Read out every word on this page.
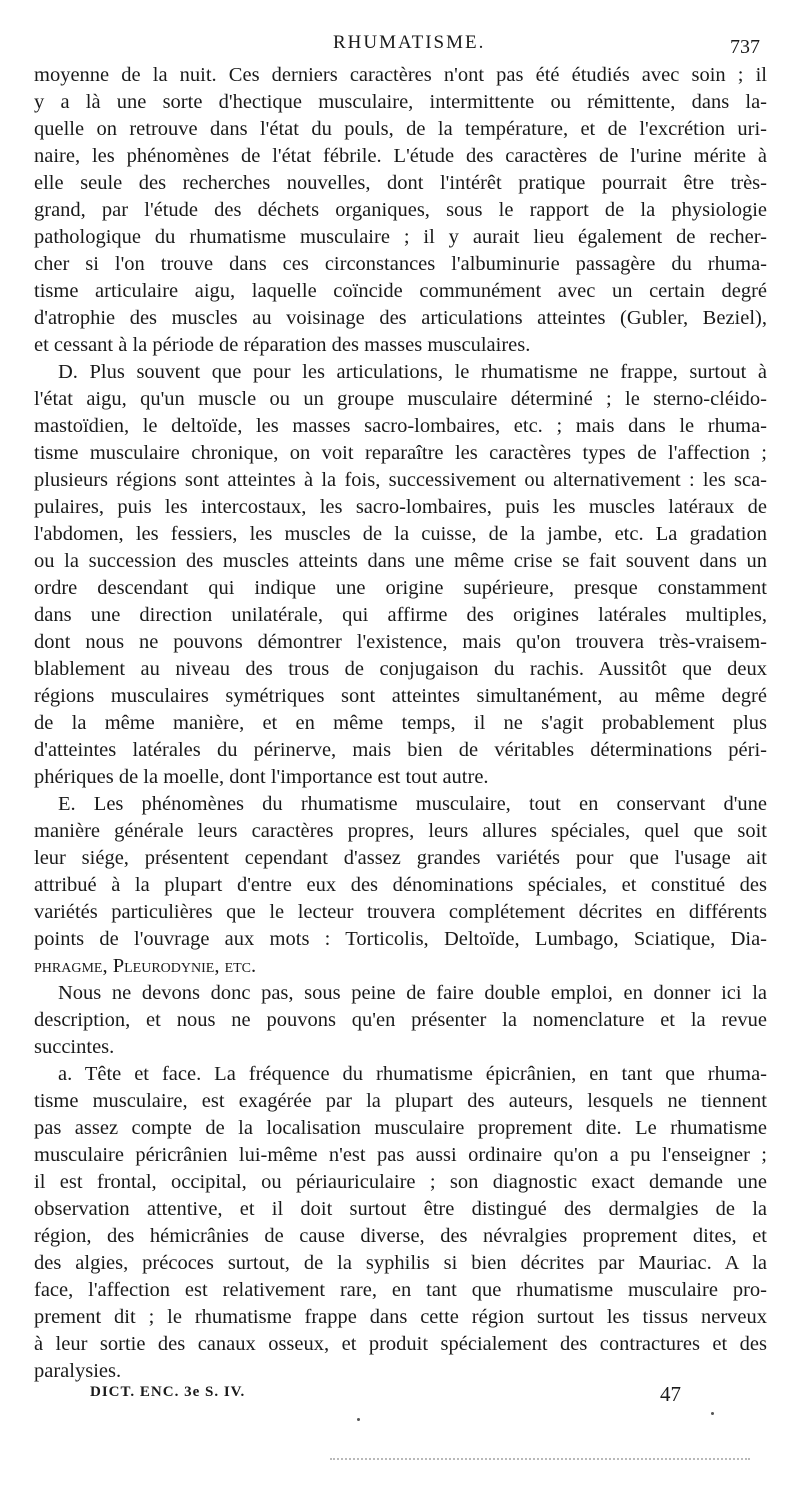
RHUMATISME.	737
moyenne de la nuit. Ces derniers caractères n'ont pas été étudiés avec soin ; il
y a là une sorte d'hectique musculaire, intermittente ou rémittente, dans la-
quelle on retrouve dans l'état du pouls, de la température, et de l'excrétion uri-
naire, les phénomènes de l'état fébrile. L'étude des caractères de l'urine mérite à
elle seule des recherches nouvelles, dont l'intérêt pratique pourrait être très-
grand, par l'étude des déchets organiques, sous le rapport de la physiologie
pathologique du rhumatisme musculaire ; il y aurait lieu également de recher-
cher si l'on trouve dans ces circonstances l'albuminurie passagère du rhuma-
tisme articulaire aigu, laquelle coïncide communément avec un certain degré
d'atrophie des muscles au voisinage des articulations atteintes (Gubler, Beziel),
et cessant à la période de réparation des masses musculaires.
D. Plus souvent que pour les articulations, le rhumatisme ne frappe, surtout à
l'état aigu, qu'un muscle ou un groupe musculaire déterminé ; le sterno-cléido-
mastoïdien, le deltoïde, les masses sacro-lombaires, etc. ; mais dans le rhuma-
tisme musculaire chronique, on voit reparaître les caractères types de l'affection ;
plusieurs régions sont atteintes à la fois, successivement ou alternativement : les sca-
pulaires, puis les intercostaux, les sacro-lombaires, puis les muscles latéraux de
l'abdomen, les fessiers, les muscles de la cuisse, de la jambe, etc. La gradation
ou la succession des muscles atteints dans une même crise se fait souvent dans un
ordre descendant qui indique une origine supérieure, presque constamment
dans une direction unilatérale, qui affirme des origines latérales multiples,
dont nous ne pouvons démontrer l'existence, mais qu'on trouvera très-vraisem-
blablement au niveau des trous de conjugaison du rachis. Aussitôt que deux
régions musculaires symétriques sont atteintes simultanément, au même degré
de la même manière, et en même temps, il ne s'agit probablement plus
d'atteintes latérales du périnerve, mais bien de véritables déterminations péri-
phériques de la moelle, dont l'importance est tout autre.
E. Les phénomènes du rhumatisme musculaire, tout en conservant d'une
manière générale leurs caractères propres, leurs allures spéciales, quel que soit
leur siége, présentent cependant d'assez grandes variétés pour que l'usage ait
attribué à la plupart d'entre eux des dénominations spéciales, et constitué des
variétés particulières que le lecteur trouvera complétement décrites en différents
points de l'ouvrage aux mots : Torticolis, Deltoïde, Lumbago, Sciatique, Dia-
phragme, Pleurodynie, etc.
Nous ne devons donc pas, sous peine de faire double emploi, en donner ici la
description, et nous ne pouvons qu'en présenter la nomenclature et la revue
succintes.
a. Tête et face. La fréquence du rhumatisme épicrânien, en tant que rhuma-
tisme musculaire, est exagérée par la plupart des auteurs, lesquels ne tiennent
pas assez compte de la localisation musculaire proprement dite. Le rhumatisme
musculaire péricrânien lui-même n'est pas aussi ordinaire qu'on a pu l'enseigner ;
il est frontal, occipital, ou périauriculaire ; son diagnostic exact demande une
observation attentive, et il doit surtout être distingué des dermalgies de la
région, des hémicrânies de cause diverse, des névralgies proprement dites, et
des algies, précoces surtout, de la syphilis si bien décrites par Mauriac. A la
face, l'affection est relativement rare, en tant que rhumatisme musculaire pro-
prement dit ; le rhumatisme frappe dans cette région surtout les tissus nerveux
à leur sortie des canaux osseux, et produit spécialement des contractures et des
paralysies.
DICT. ENC. 3e S. IV.	47
